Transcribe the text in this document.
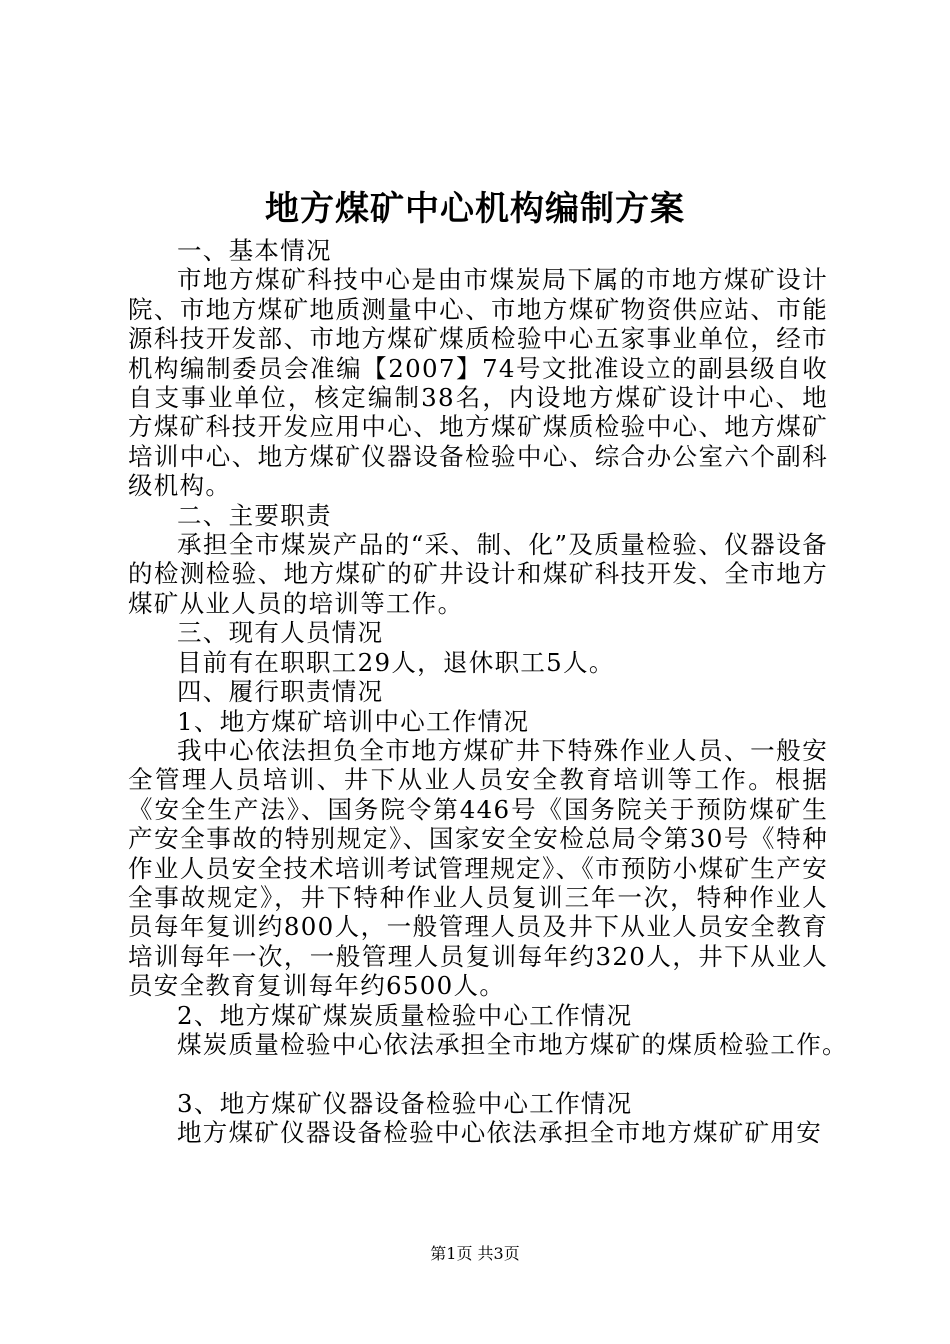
地方煤矿中心机构编制方案

一、基本情况

市地方煤矿科技中心是由市煤炭局下属的市地方煤矿设计院、市地方煤矿地质测量中心、市地方煤矿物资供应站、市能源科技开发部、市地方煤矿煤质检验中心五家事业单位，经市机构编制委员会准编【2007】74号文批准设立的副县级自收自支事业单位，核定编制38名，内设地方煤矿设计中心、地方煤矿科技开发应用中心、地方煤矿煤质检验中心、地方煤矿培训中心、地方煤矿仪器设备检验中心、综合办公室六个副科级机构。

二、主要职责

承担全市煤炭产品的“采、制、化”及质量检验、仪器设备的检测检验、地方煤矿的矿井设计和煤矿科技开发、全市地方煤矿从业人员的培训等工作。

三、现有人员情况

目前有在职职工29人，退休职工5人。

四、履行职责情况

1、地方煤矿培训中心工作情况

我中心依法担负全市地方煤矿井下特殊作业人员、一般安全管理人员培训、井下从业人员安全教育培训等工作。根据《安全生产法》、国务院令第446号《国务院关于预防煤矿生产安全事故的特别规定》、国家安全安检总局令第30号《特种作业人员安全技术培训考试管理规定》、《市预防小煤矿生产安全事故规定》，井下特种作业人员复训三年一次，特种作业人员每年复训约800人，一般管理人员及井下从业人员安全教育培训每年一次，一般管理人员复训每年约320人，井下从业人员安全教育复训每年约6500人。

2、地方煤矿煤炭质量检验中心工作情况

煤炭质量检验中心依法承担全市地方煤矿的煤质检验工作。

3、地方煤矿仪器设备检验中心工作情况

地方煤矿仪器设备检验中心依法承担全市地方煤矿矿用安

第1页 共3页
